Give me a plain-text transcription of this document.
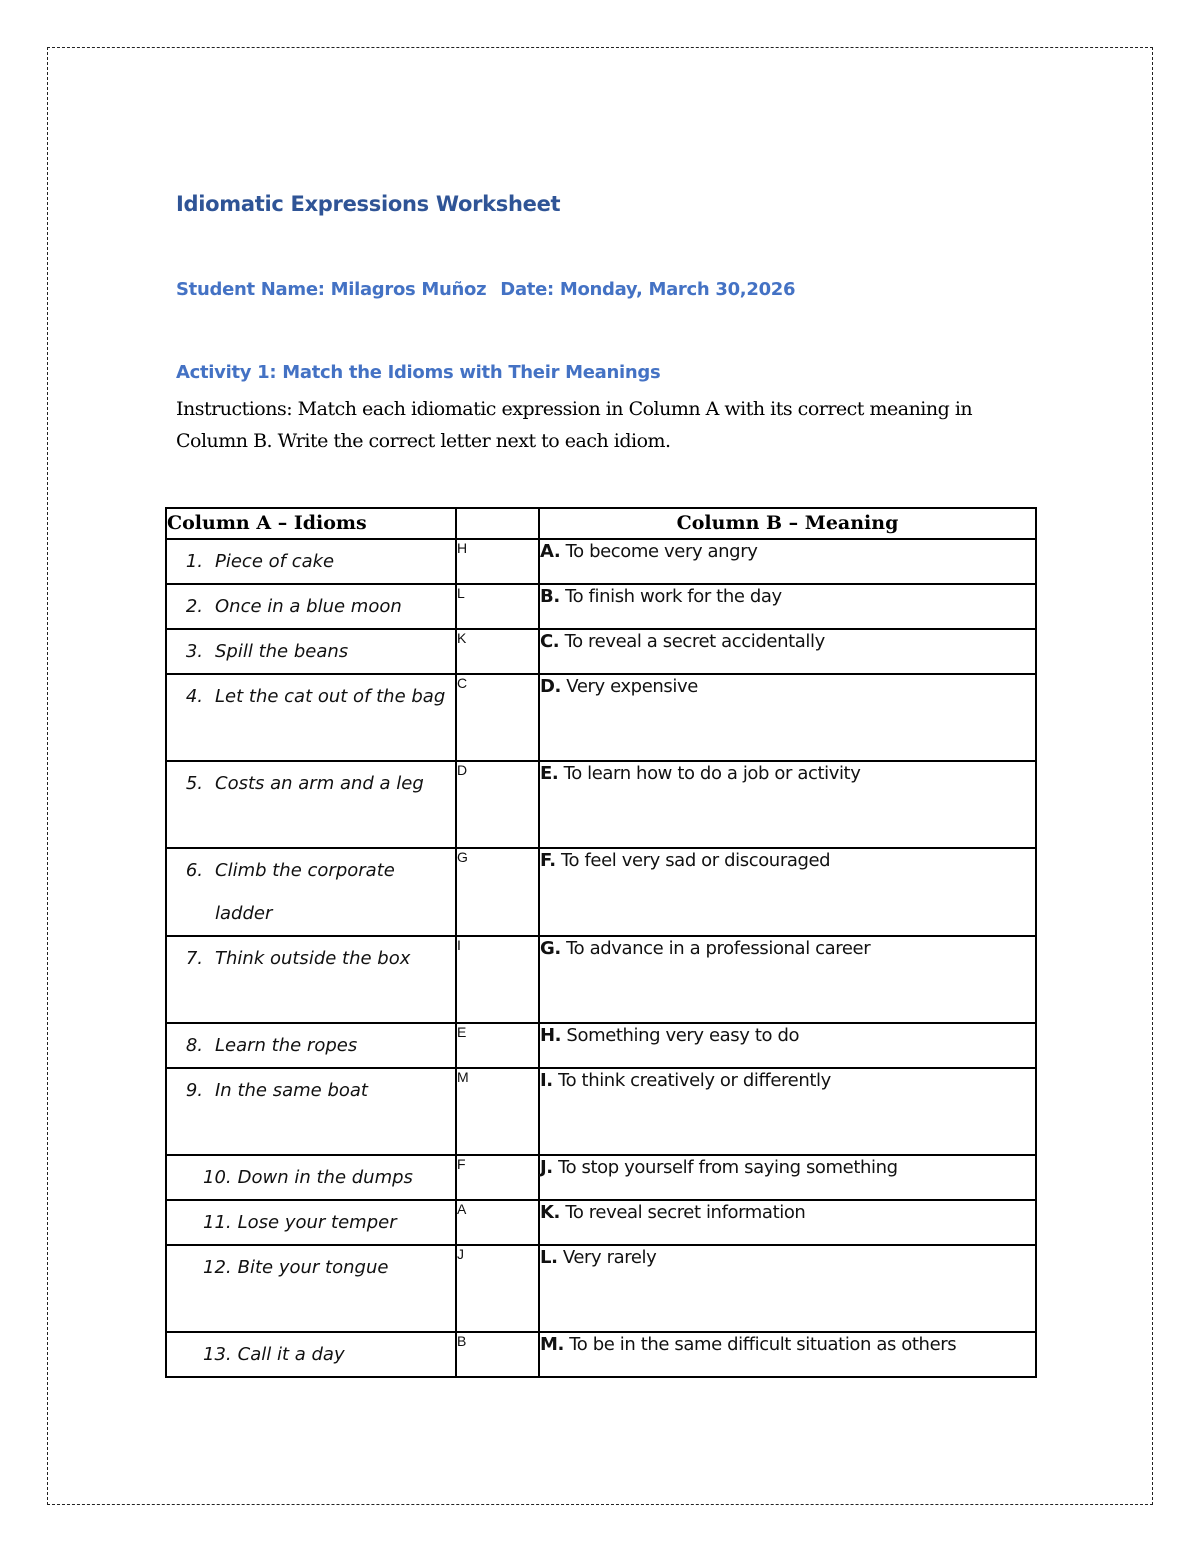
Idiomatic Expressions Worksheet
Student Name: Milagros Muñoz Date: Monday, March 30,2026
Activity 1: Match the Idioms with Their Meanings

Instructions: Match each idiomatic expression in Column A with its correct meaning in Column B. Write the correct letter next to each idiom.

Column A – Idioms		Column B – Meaning

1. Piece of cake	H	A. To become very angry

2. Once in a blue moon	L	B. To finish work for the day

3. Spill the beans	K	C. To reveal a secret accidentally

4. Let the cat out of the bag	C	D. Very expensive

5. Costs an arm and a leg	D	E. To learn how to do a job or activity

6. Climb the corporate ladder	G	F. To feel very sad or discouraged

7. Think outside the box	I	G. To advance in a professional career

8. Learn the ropes	E	H. Something very easy to do

9. In the same boat	M	I. To think creatively or differently

10. Down in the dumps	F	J. To stop yourself from saying something

11. Lose your temper	A	K. To reveal secret information

12. Bite your tongue	J	L. Very rarely

13. Call it a day	B	M. To be in the same difficult situation as others
